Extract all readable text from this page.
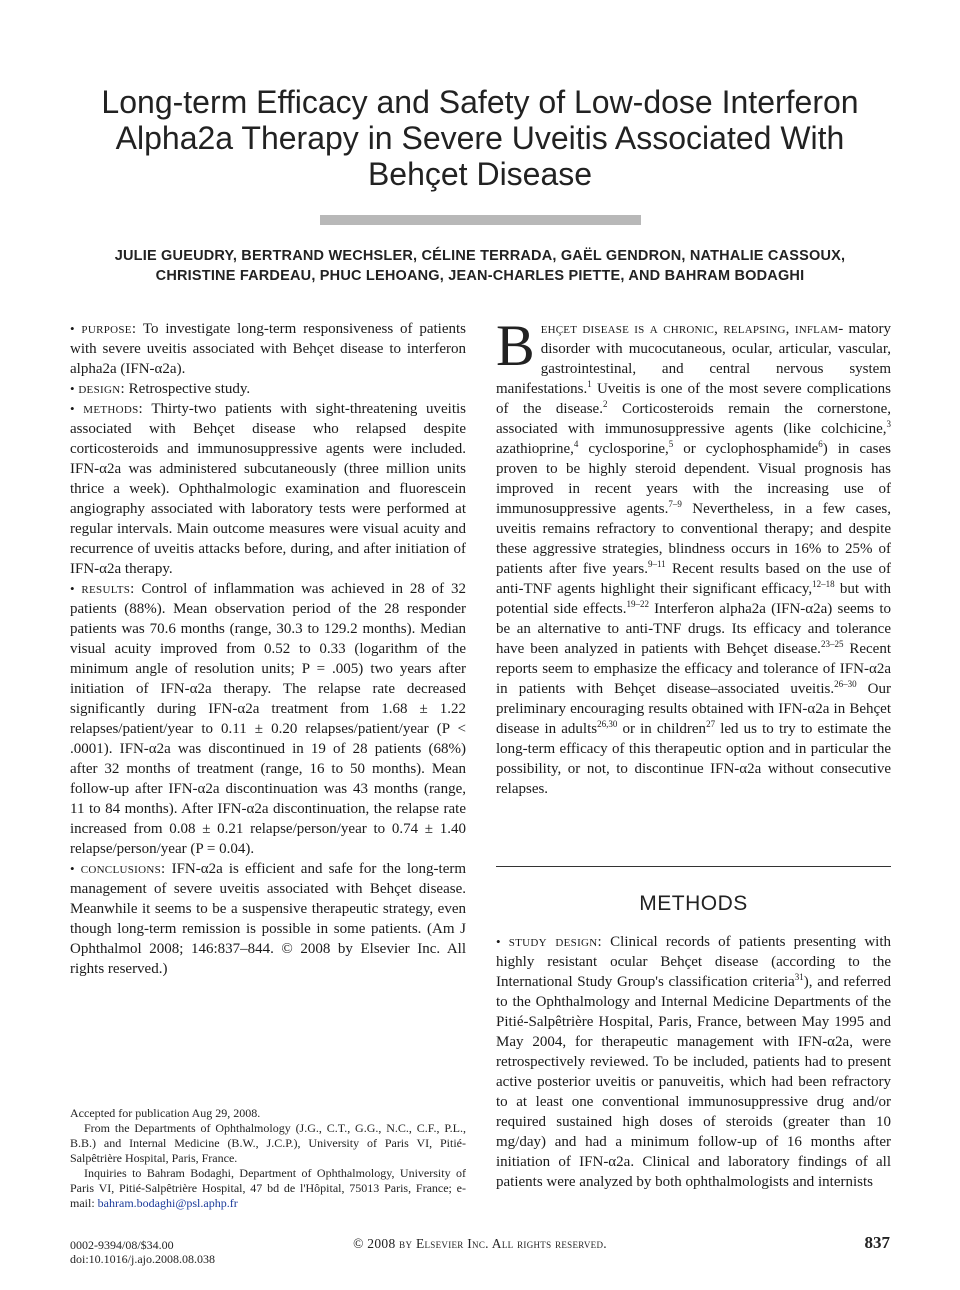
Long-term Efficacy and Safety of Low-dose Interferon Alpha2a Therapy in Severe Uveitis Associated With Behçet Disease
JULIE GUEUDRY, BERTRAND WECHSLER, CÉLINE TERRADA, GAËL GENDRON, NATHALIE CASSOUX,
CHRISTINE FARDEAU, PHUC LEHOANG, JEAN-CHARLES PIETTE, AND BAHRAM BODAGHI

• purpose: To investigate long-term responsiveness of patients with severe uveitis associated with Behçet disease to interferon alpha2a (IFN-α2a).

• design: Retrospective study.

• methods: Thirty-two patients with sight-threatening uveitis associated with Behçet disease who relapsed despite corticosteroids and immunosuppressive agents were included. IFN-α2a was administered subcutaneously (three million units thrice a week). Ophthalmologic examination and fluorescein angiography associated with laboratory tests were performed at regular intervals. Main outcome measures were visual acuity and recurrence of uveitis attacks before, during, and after initiation of IFN-α2a therapy.

• results: Control of inflammation was achieved in 28 of 32 patients (88%). Mean observation period of the 28 responder patients was 70.6 months (range, 30.3 to 129.2 months). Median visual acuity improved from 0.52 to 0.33 (logarithm of the minimum angle of resolution units; P = .005) two years after initiation of IFN-α2a therapy. The relapse rate decreased significantly during IFN-α2a treatment from 1.68 ± 1.22 relapses/patient/year to 0.11 ± 0.20 relapses/patient/year (P < .0001). IFN-α2a was discontinued in 19 of 28 patients (68%) after 32 months of treatment (range, 16 to 50 months). Mean follow-up after IFN-α2a discontinuation was 43 months (range, 11 to 84 months). After IFN-α2a discontinuation, the relapse rate increased from 0.08 ± 0.21 relapse/person/year to 0.74 ± 1.40 relapse/person/year (P = 0.04).

• conclusions: IFN-α2a is efficient and safe for the long-term management of severe uveitis associated with Behçet disease. Meanwhile it seems to be a suspensive therapeutic strategy, even though long-term remission is possible in some patients. (Am J Ophthalmol 2008; 146:837–844. © 2008 by Elsevier Inc. All rights reserved.)

Behçet disease is a chronic, relapsing, inflam- matory disorder with mucocutaneous, ocular, articular, vascular, gastrointestinal, and central nervous system manifestations.$^1$ Uveitis is one of the most severe complications of the disease.$^2$ Corticosteroids remain the cornerstone, associated with immunosuppressive agents (like colchicine,$^3$ azathioprine,$^4$ cyclosporine,$^5$ or cyclophosphamide$^6$) in cases proven to be highly steroid dependent. Visual prognosis has improved in recent years with the increasing use of immunosuppressive agents.$^{7-9}$ Nevertheless, in a few cases, uveitis remains refractory to conventional therapy; and despite these aggressive strategies, blindness occurs in 16% to 25% of patients after five years.$^{9-11}$ Recent results based on the use of anti-TNF agents highlight their significant efficacy,$^{12-18}$ but with potential side effects.$^{19-22}$ Interferon alpha2a (IFN-α2a) seems to be an alternative to anti-TNF drugs. Its efficacy and tolerance have been analyzed in patients with Behçet disease.$^{23-25}$ Recent reports seem to emphasize the efficacy and tolerance of IFN-α2a in patients with Behçet disease–associated uveitis.$^{26-30}$ Our preliminary encouraging results obtained with IFN-α2a in Behçet disease in adults$^{26,30}$ or in children$^{27}$ led us to try to estimate the long-term efficacy of this therapeutic option and in particular the possibility, or not, to discontinue IFN-α2a without consecutive relapses.

METHODS

• study design: Clinical records of patients presenting with highly resistant ocular Behçet disease (according to the International Study Group's classification criteria$^{31}$), and referred to the Ophthalmology and Internal Medicine Departments of the Pitié-Salpêtrière Hospital, Paris, France, between May 1995 and May 2004, for therapeutic management with IFN-α2a, were retrospectively reviewed. To be included, patients had to present active posterior uveitis or panuveitis, which had been refractory to at least one conventional immunosuppressive drug and/or required sustained high doses of steroids (greater than 10 mg/day) and had a minimum follow-up of 16 months after initiation of IFN-α2a. Clinical and laboratory findings of all patients were analyzed by both ophthalmologists and internists

Accepted for publication Aug 29, 2008.

From the Departments of Ophthalmology (J.G., C.T., G.G., N.C., C.F., P.L., B.B.) and Internal Medicine (B.W., J.C.P.), University of Paris VI, Pitié-Salpêtrière Hospital, Paris, France.

Inquiries to Bahram Bodaghi, Department of Ophthalmology, University of Paris VI, Pitié-Salpêtrière Hospital, 47 bd de l'Hôpital, 75013 Paris, France; e-mail: bahram.bodaghi@psl.aphp.fr

0002-9394/08/$34.00
doi:10.1016/j.ajo.2008.08.038
© 2008 by Elsevier Inc. All rights reserved.	837
